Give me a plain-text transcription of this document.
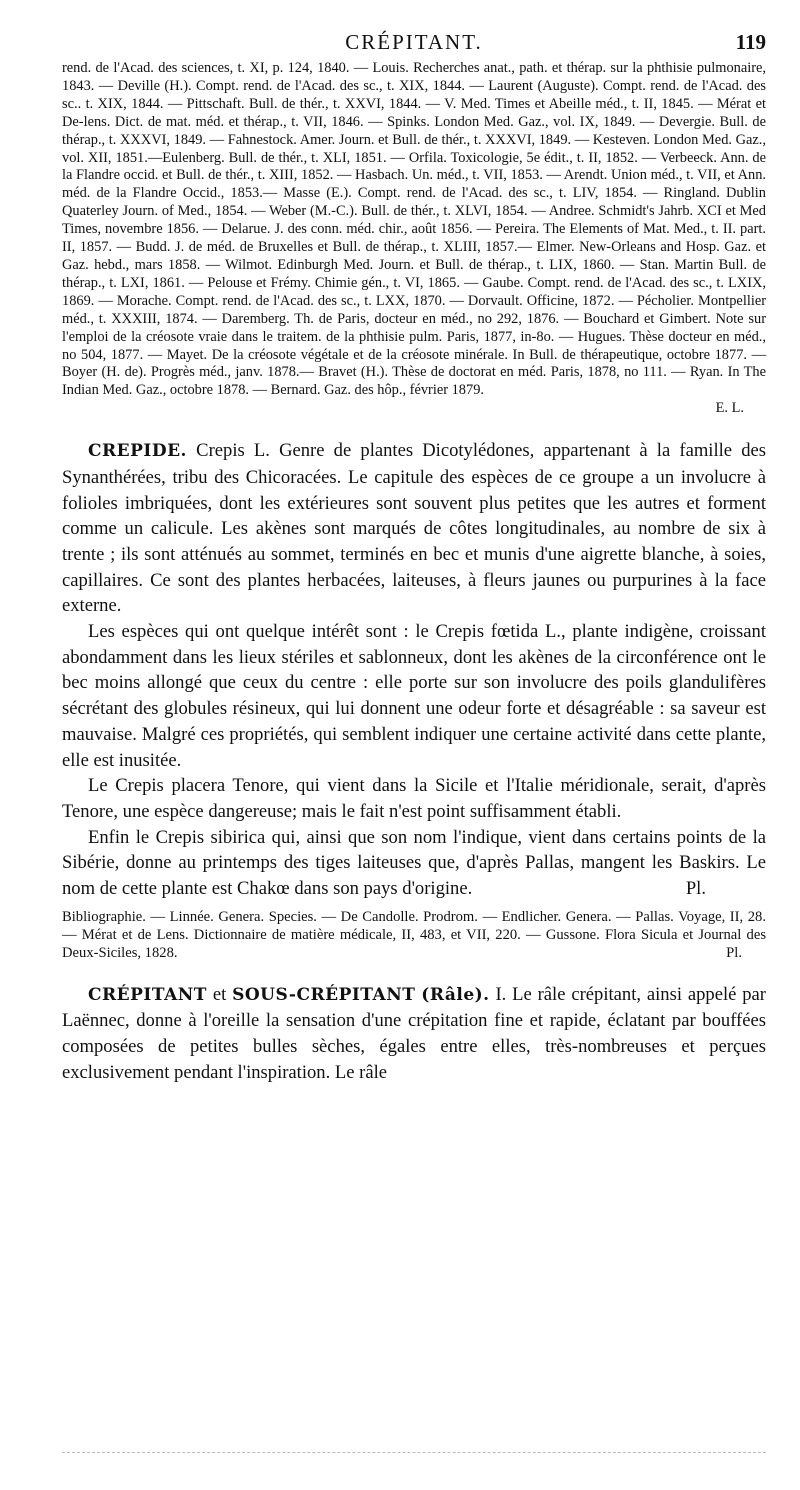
CRÉPITANT.	119

rend. de l'Acad. des sciences, t. XI, p. 124, 1840. — Louis. Recherches anat., path. et thérap. sur la phthisie pulmonaire, 1843. — Deville (H.). Compt. rend. de l'Acad. des sc., t. XIX, 1844. — Laurent (Auguste). Compt. rend. de l'Acad. des sc.. t. XIX, 1844. — Pittschaft. Bull. de thér., t. XXVI, 1844. — V. Med. Times et Abeille méd., t. II, 1845. — Mérat et De-lens. Dict. de mat. méd. et thérap., t. VII, 1846. — Spinks. London Med. Gaz., vol. IX, 1849. — Devergie. Bull. de thérap., t. XXXVI, 1849. — Fahnestock. Amer. Journ. et Bull. de thér., t. XXXVI, 1849. — Kesteven. London Med. Gaz., vol. XII, 1851.—Eulenberg. Bull. de thér., t. XLI, 1851. — Orfila. Toxicologie, 5e édit., t. II, 1852. — Verbeeck. Ann. de la Flandre occid. et Bull. de thér., t. XIII, 1852. — Hasbach. Un. méd., t. VII, 1853. — Arendt. Union méd., t. VII, et Ann. méd. de la Flandre Occid., 1853.— Masse (E.). Compt. rend. de l'Acad. des sc., t. LIV, 1854. — Ringland. Dublin Quaterley Journ. of Med., 1854. — Weber (M.-C.). Bull. de thér., t. XLVI, 1854. — Andree. Schmidt's Jahrb. XCI et Med Times, novembre 1856. — Delarue. J. des conn. méd. chir., août 1856. — Pereira. The Elements of Mat. Med., t. II. part. II, 1857. — Budd. J. de méd. de Bruxelles et Bull. de thérap., t. XLIII, 1857.— Elmer. New-Orleans and Hosp. Gaz. et Gaz. hebd., mars 1858. — Wilmot. Edinburgh Med. Journ. et Bull. de thérap., t. LIX, 1860. — Stan. Martin Bull. de thérap., t. LXI, 1861. — Pelouse et Frémy. Chimie gén., t. VI, 1865. — Gaube. Compt. rend. de l'Acad. des sc., t. LXIX, 1869. — Morache. Compt. rend. de l'Acad. des sc., t. LXX, 1870. — Dorvault. Officine, 1872. — Pécholier. Montpellier méd., t. XXXIII, 1874. — Daremberg. Th. de Paris, docteur en méd., no 292, 1876. — Bouchard et Gimbert. Note sur l'emploi de la créosote vraie dans le traitem. de la phthisie pulm. Paris, 1877, in-8o. — Hugues. Thèse docteur en méd., no 504, 1877. — Mayet. De la créosote végétale et de la créosote minérale. In Bull. de thérapeutique, octobre 1877. — Boyer (H. de). Progrès méd., janv. 1878.— Bravet (H.). Thèse de doctorat en méd. Paris, 1878, no 111. — Ryan. In The Indian Med. Gaz., octobre 1878. — Bernard. Gaz. des hôp., février 1879.

E. L.

CREPIDE. Crepis L. Genre de plantes Dicotylédones, appartenant à la famille des Synanthérées, tribu des Chicoracées. Le capitule des espèces de ce groupe a un involucre à folioles imbriquées, dont les extérieures sont souvent plus petites que les autres et forment comme un calicule. Les akènes sont marqués de côtes longitudinales, au nombre de six à trente ; ils sont atténués au sommet, terminés en bec et munis d'une aigrette blanche, à soies, capillaires. Ce sont des plantes herbacées, laiteuses, à fleurs jaunes ou purpurines à la face externe.

Les espèces qui ont quelque intérêt sont : le Crepis fœtida L., plante indigène, croissant abondamment dans les lieux stériles et sablonneux, dont les akènes de la circonférence ont le bec moins allongé que ceux du centre : elle porte sur son involucre des poils glandulifères sécrétant des globules résineux, qui lui donnent une odeur forte et désagréable : sa saveur est mauvaise. Malgré ces propriétés, qui semblent indiquer une certaine activité dans cette plante, elle est inusitée.

Le Crepis placera Tenore, qui vient dans la Sicile et l'Italie méridionale, serait, d'après Tenore, une espèce dangereuse; mais le fait n'est point suffisamment établi.

Enfin le Crepis sibirica qui, ainsi que son nom l'indique, vient dans certains points de la Sibérie, donne au printemps des tiges laiteuses que, d'après Pallas, mangent les Baskirs. Le nom de cette plante est Chakœ dans son pays d'origine.	Pl.

Bibliographie. — Linnée. Genera. Species. — De Candolle. Prodrom. — Endlicher. Genera. — Pallas. Voyage, II, 28. — Mérat et de Lens. Dictionnaire de matière médicale, II, 483, et VII, 220. — Gussone. Flora Sicula et Journal des Deux-Siciles, 1828.	Pl.

CRÉPITANT et SOUS-CRÉPITANT (Râle). I. Le râle crépitant, ainsi appelé par Laënnec, donne à l'oreille la sensation d'une crépitation fine et rapide, éclatant par bouffées composées de petites bulles sèches, égales entre elles, très-nombreuses et perçues exclusivement pendant l'inspiration. Le râle
